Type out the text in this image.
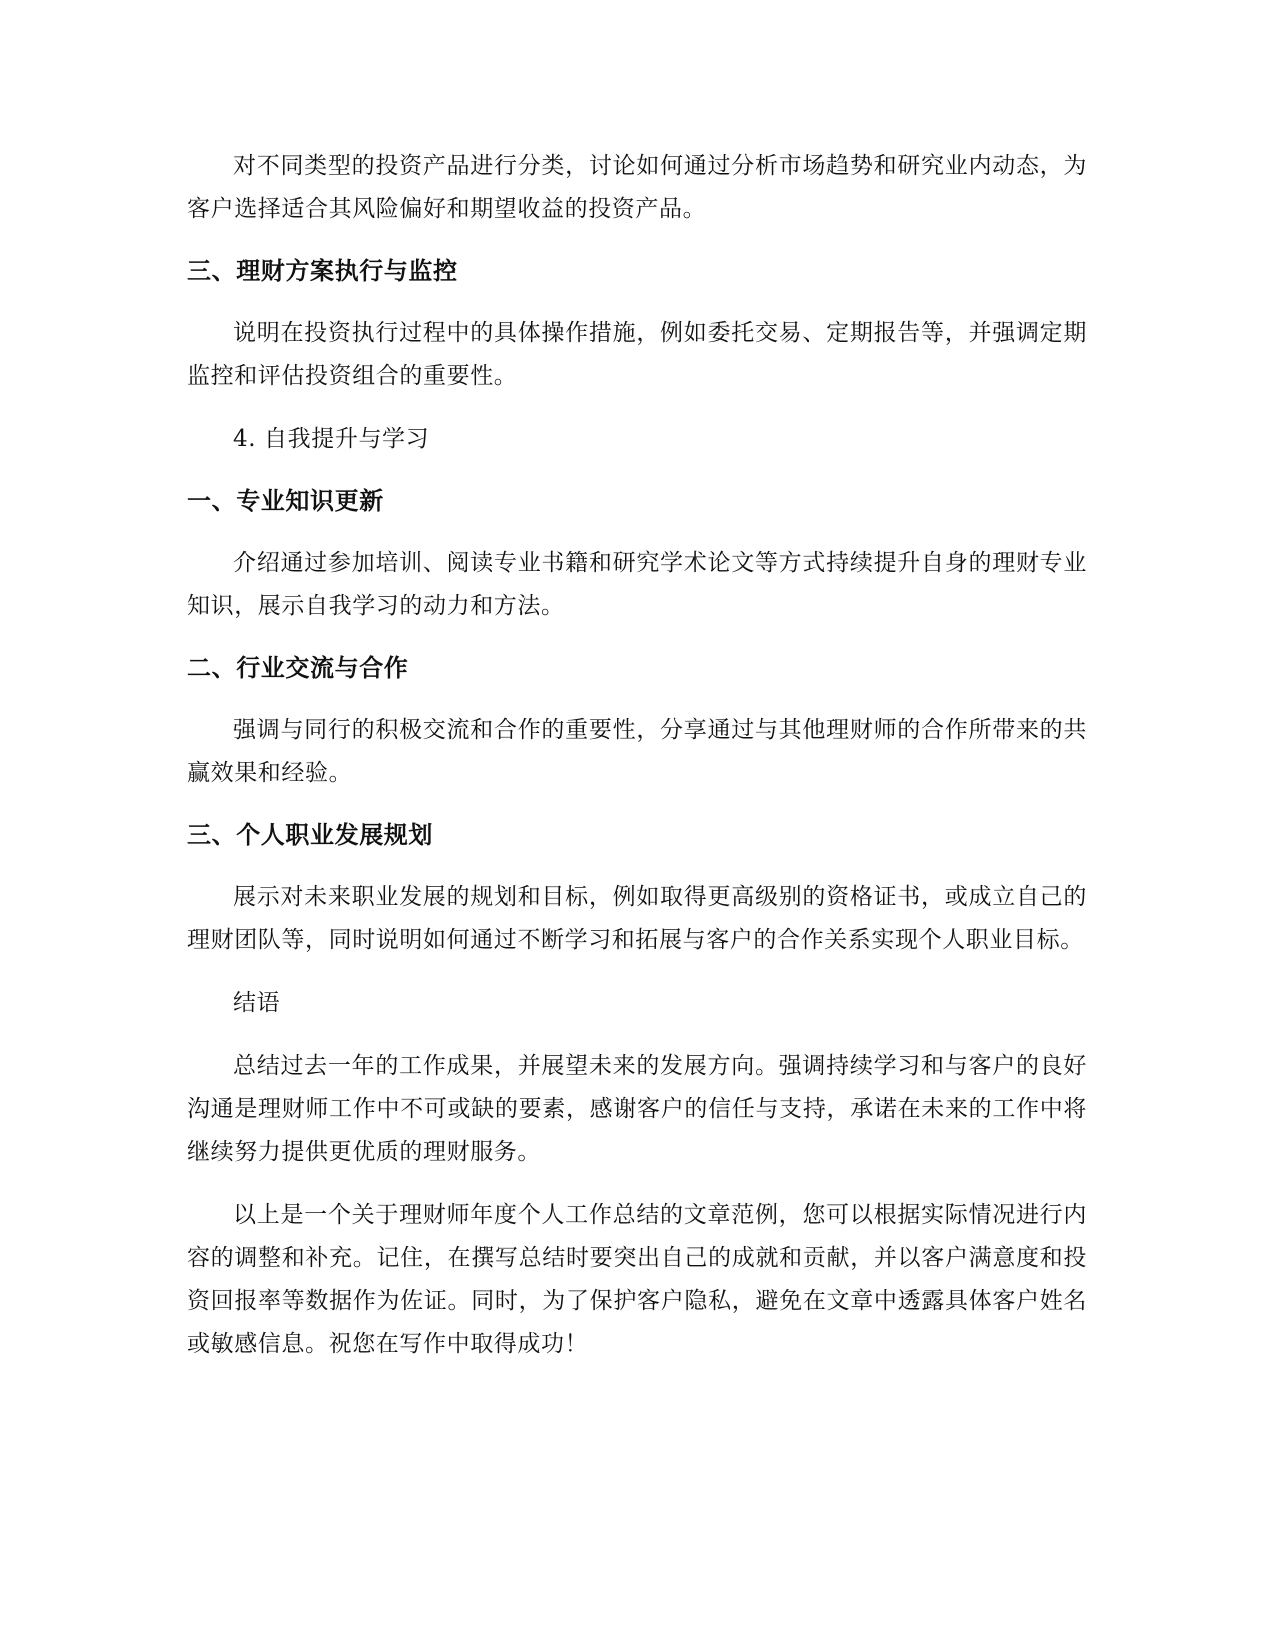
对不同类型的投资产品进行分类，讨论如何通过分析市场趋势和研究业内动态，为客户选择适合其风险偏好和期望收益的投资产品。

三、理财方案执行与监控

说明在投资执行过程中的具体操作措施，例如委托交易、定期报告等，并强调定期监控和评估投资组合的重要性。

4. 自我提升与学习

一、专业知识更新

介绍通过参加培训、阅读专业书籍和研究学术论文等方式持续提升自身的理财专业知识，展示自我学习的动力和方法。

二、行业交流与合作

强调与同行的积极交流和合作的重要性，分享通过与其他理财师的合作所带来的共赢效果和经验。

三、个人职业发展规划

展示对未来职业发展的规划和目标，例如取得更高级别的资格证书，或成立自己的理财团队等，同时说明如何通过不断学习和拓展与客户的合作关系实现个人职业目标。

结语

总结过去一年的工作成果，并展望未来的发展方向。强调持续学习和与客户的良好沟通是理财师工作中不可或缺的要素，感谢客户的信任与支持，承诺在未来的工作中将继续努力提供更优质的理财服务。

以上是一个关于理财师年度个人工作总结的文章范例，您可以根据实际情况进行内容的调整和补充。记住，在撰写总结时要突出自己的成就和贡献，并以客户满意度和投资回报率等数据作为佐证。同时，为了保护客户隐私，避免在文章中透露具体客户姓名或敏感信息。祝您在写作中取得成功！
